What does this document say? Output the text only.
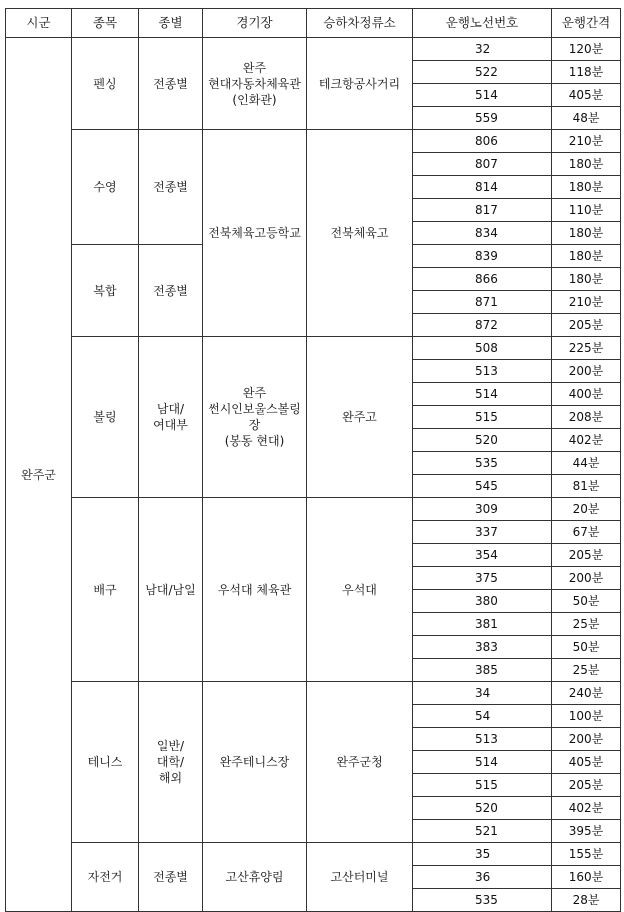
시군	종목	종별	경기장	승하차정류소	운행노선번호	운행간격
완주군	펜싱	전종별	완주
현대자동차체육관
(인화관)	테크항공사거리	32	120분
					522	118분
					514	405분
					559	48분
	수영	전종별	전북체육고등학교	전북체육고	806	210분
					807	180분
					814	180분
					817	110분
					834	180분
	복합	전종별			839	180분
					866	180분
					871	210분
					872	205분
	볼링	남대/
여대부	완주
썬시인보울스볼링장
(봉동 현대)	완주고	508	225분
					513	200분
					514	400분
					515	208분
					520	402분
					535	44분
					545	81분
	배구	남대/남일	우석대 체육관	우석대	309	20분
					337	67분
					354	205분
					375	200분
					380	50분
					381	25분
					383	50분
					385	25분
	테니스	일반/
대학/
해외	완주테니스장	완주군청	34	240분
					54	100분
					513	200분
					514	405분
					515	205분
					520	402분
					521	395분
	자전거	전종별	고산휴양림	고산터미널	35	155분
					36	160분
					535	28분
